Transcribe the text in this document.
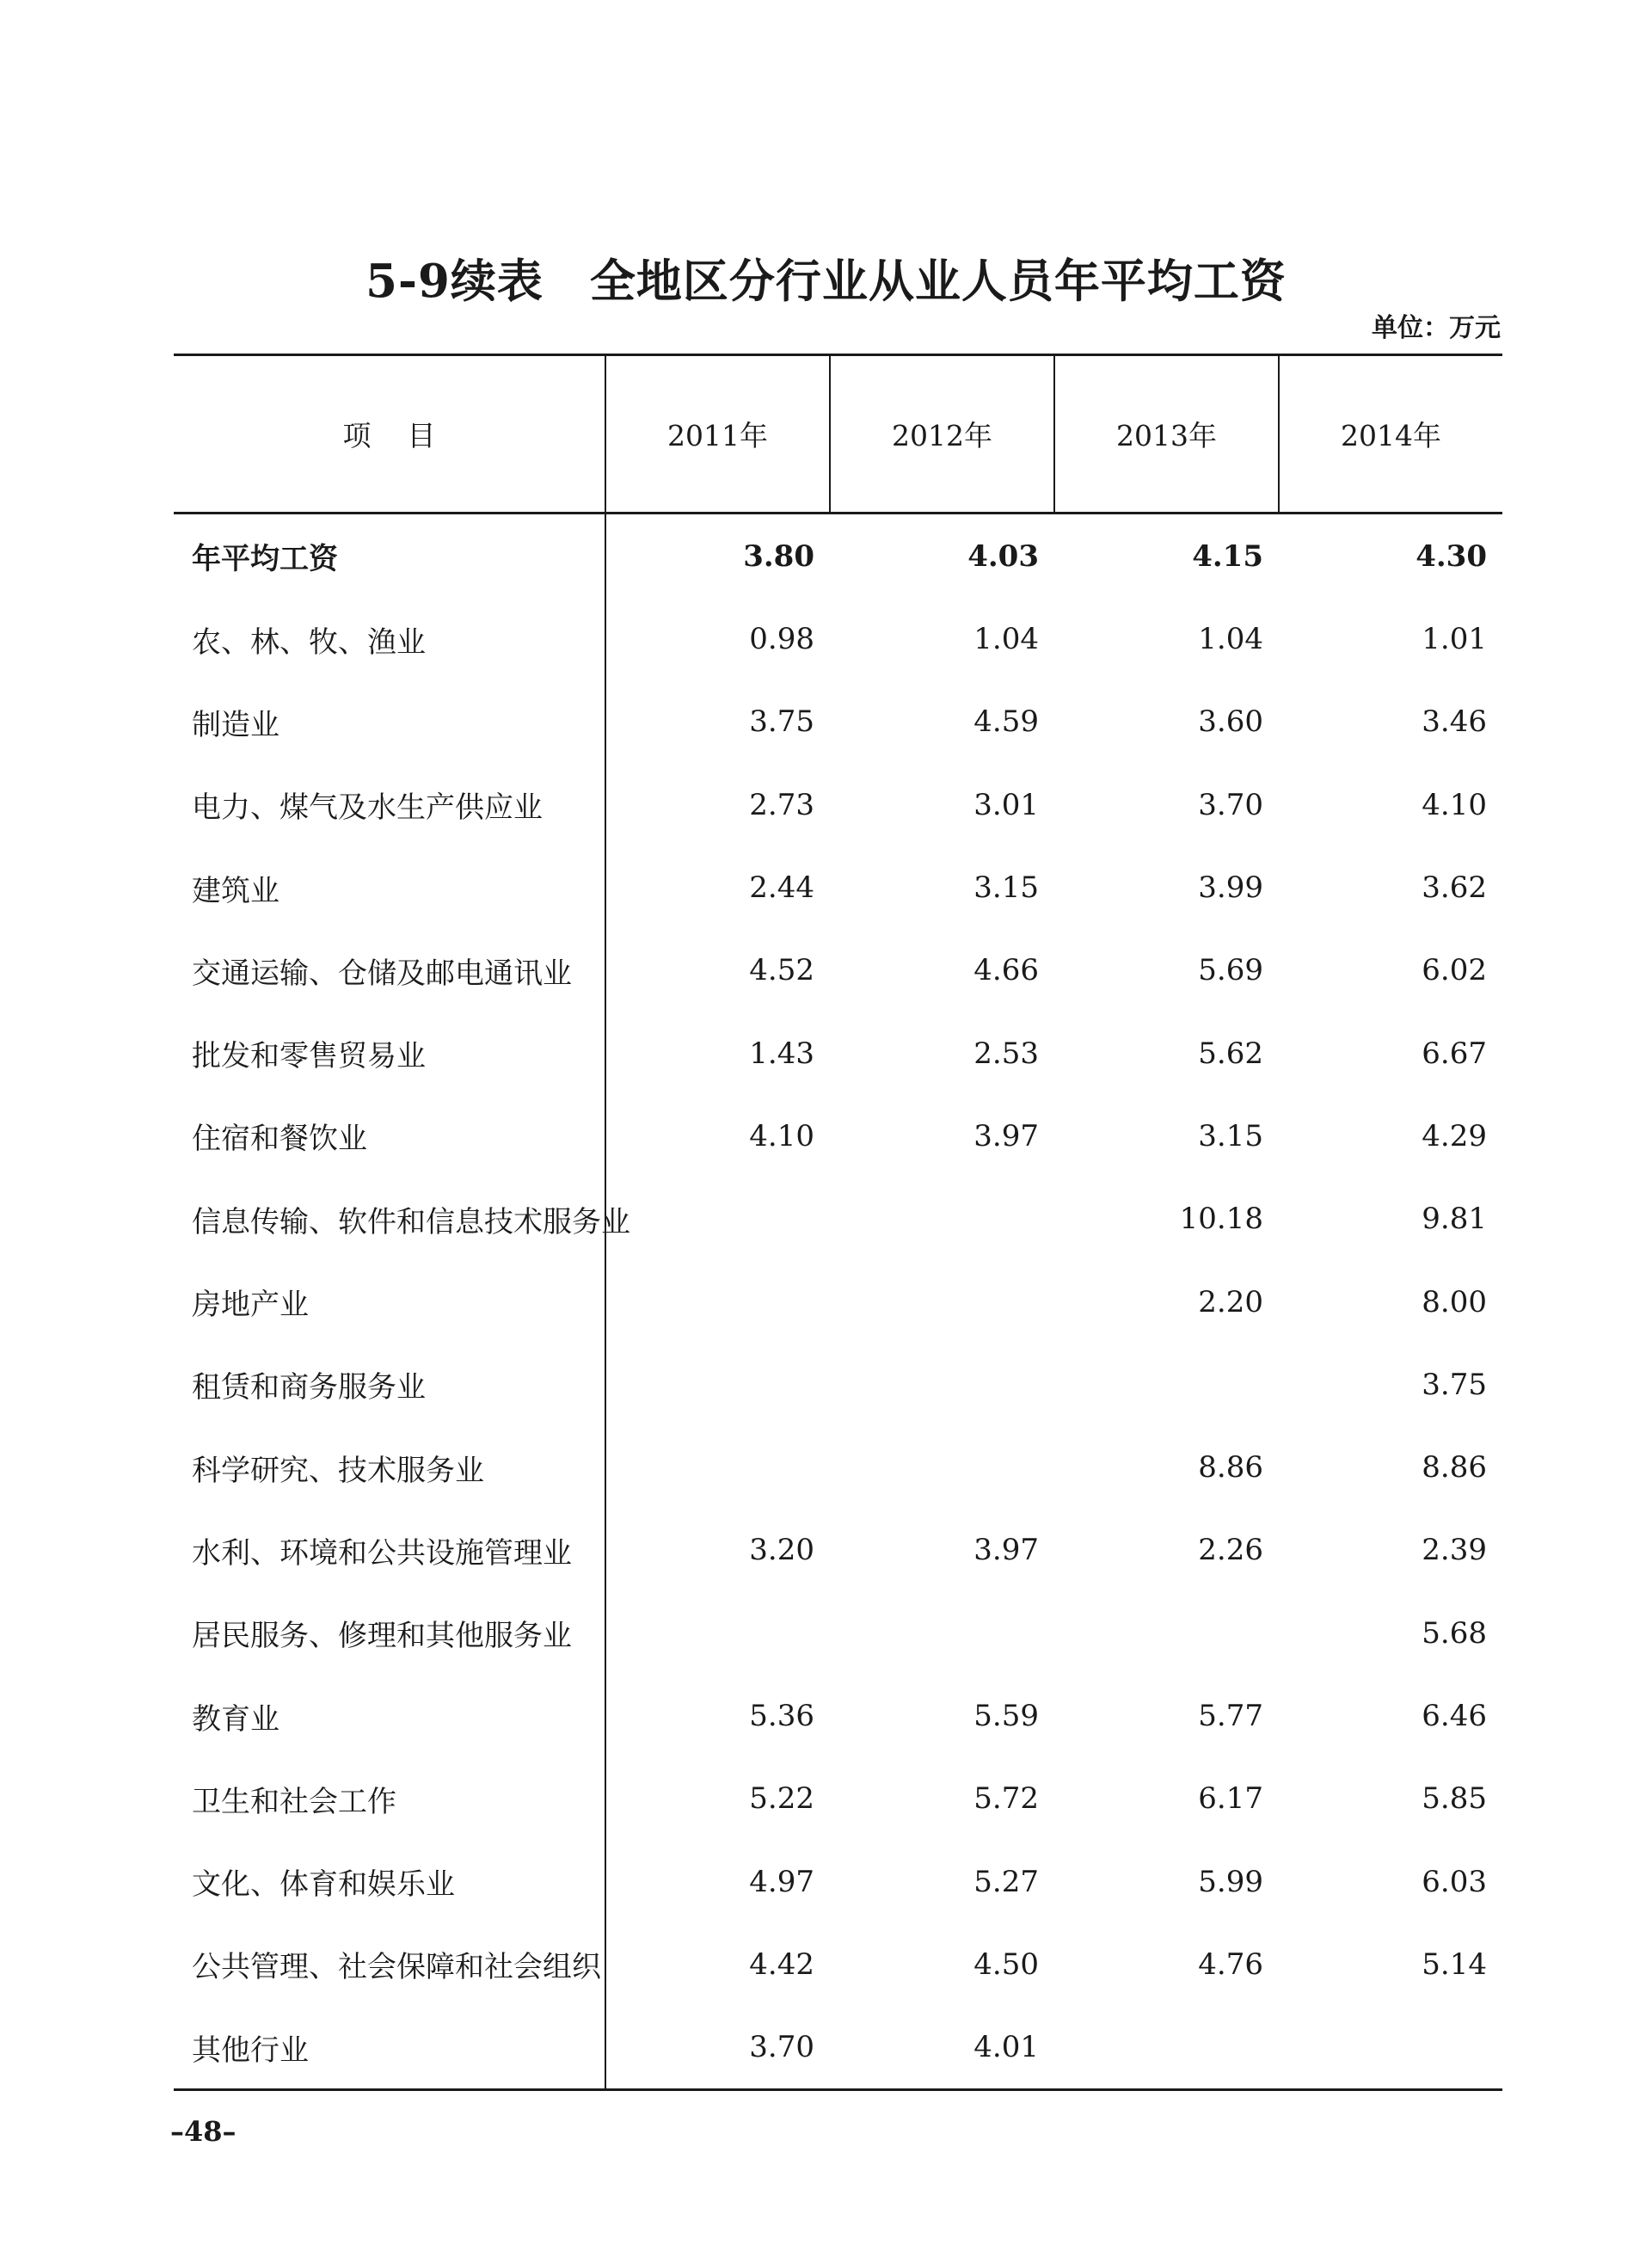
5-9续表　全地区分行业从业人员年平均工资
单位：万元
项目	2011年	2012年	2013年	2014年
年平均工资	3.80	4.03	4.15	4.30
农、林、牧、渔业	0.98	1.04	1.04	1.01
制造业	3.75	4.59	3.60	3.46
电力、煤气及水生产供应业	2.73	3.01	3.70	4.10
建筑业	2.44	3.15	3.99	3.62
交通运输、仓储及邮电通讯业	4.52	4.66	5.69	6.02
批发和零售贸易业	1.43	2.53	5.62	6.67
住宿和餐饮业	4.10	3.97	3.15	4.29
信息传输、软件和信息技术服务业			10.18	9.81
房地产业			2.20	8.00
租赁和商务服务业				3.75
科学研究、技术服务业			8.86	8.86
水利、环境和公共设施管理业	3.20	3.97	2.26	2.39
居民服务、修理和其他服务业				5.68
教育业	5.36	5.59	5.77	6.46
卫生和社会工作	5.22	5.72	6.17	5.85
文化、体育和娱乐业	4.97	5.27	5.99	6.03
公共管理、社会保障和社会组织	4.42	4.50	4.76	5.14
其他行业	3.70	4.01		
–48–
